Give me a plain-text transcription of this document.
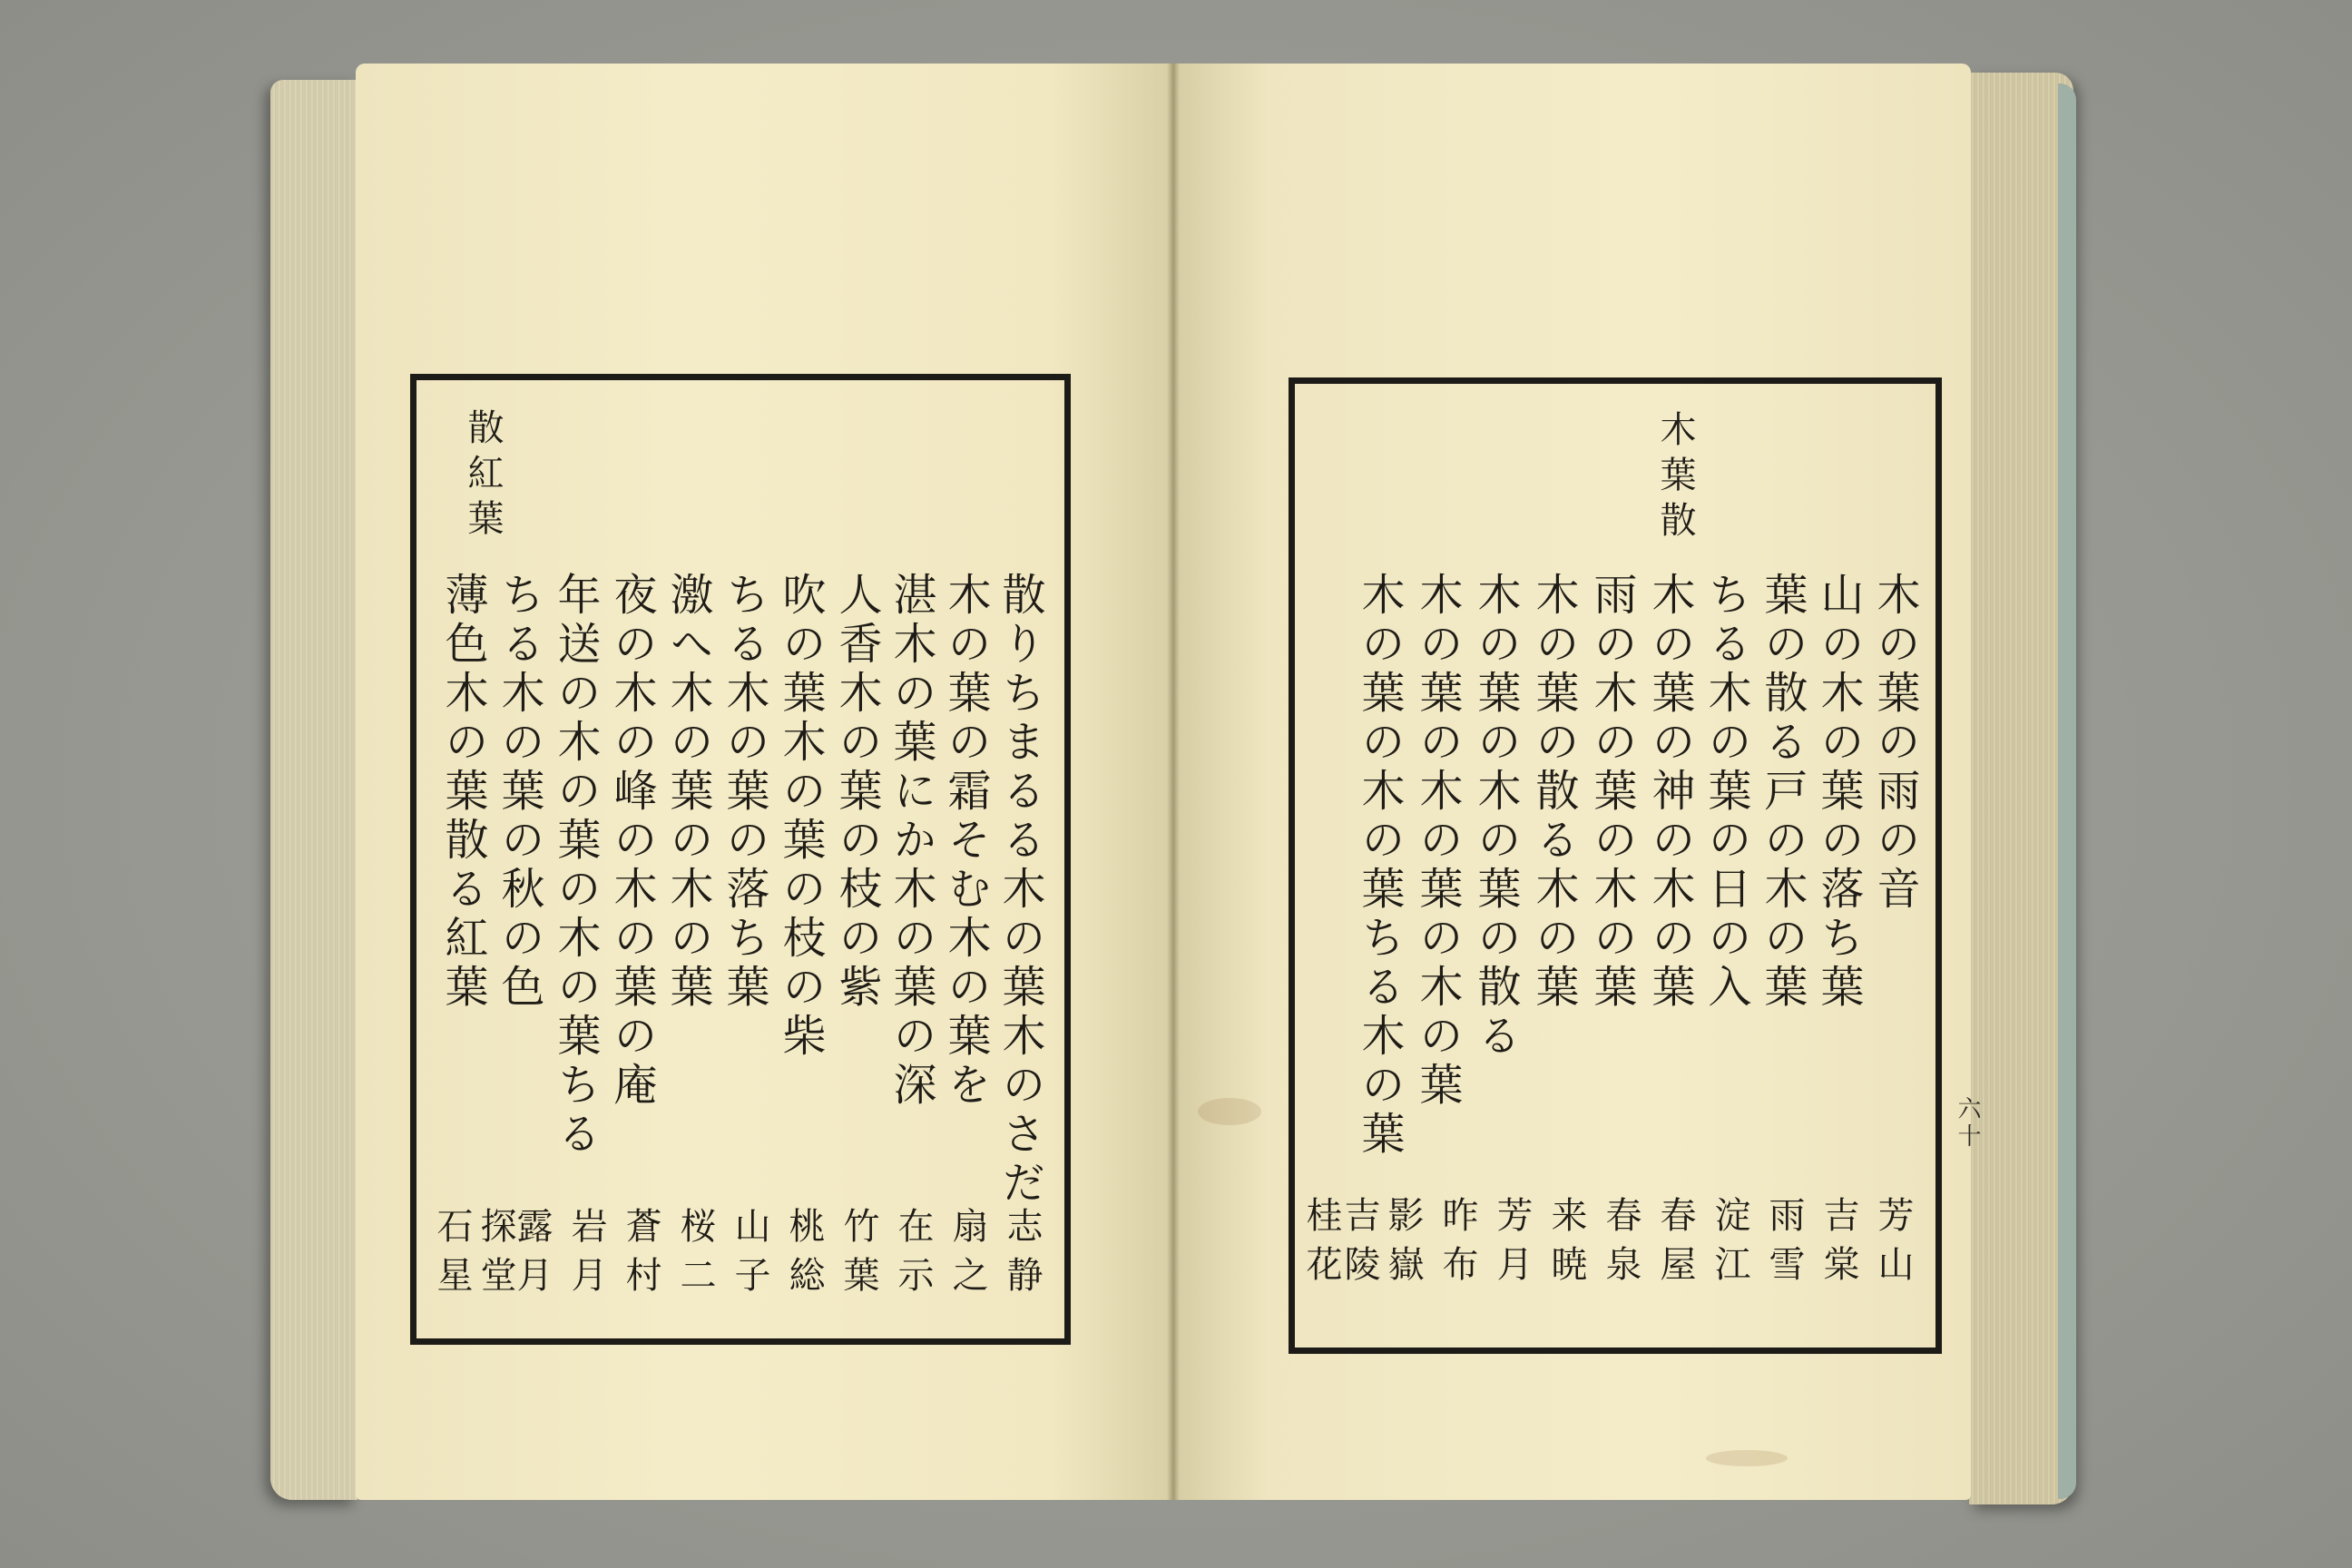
散紅葉
散りちまるる木の葉木のさだ
木の葉の霜そむ木の葉を
湛木の葉にか木の葉の深
人香木の葉の枝の紫
吹の葉木の葉の枝の柴
ちる木の葉の落ち葉
激へ木の葉の木の葉
夜の木の峰の木の葉の庵
年送の木の葉の木の葉ちる
ちる木の葉の秋の色
薄色木の葉散る紅葉
志静
扇之
在示
竹葉
桃総
山子
桜二
蒼村
岩月
露月
探堂
石星
木葉散
木の葉の雨の音
山の木の葉の落ち葉
葉の散る戸の木の葉
ちる木の葉の日の入
木の葉の神の木の葉
雨の木の葉の木の葉
木の葉の散る木の葉
木の葉の木の葉の散る
木の葉の木の葉の木の葉
木の葉の木の葉ちる木の葉
芳山
吉棠
雨雪
淀江
春屋
春泉
来暁
芳月
昨布
影嶽
吉陵
桂花
六十
